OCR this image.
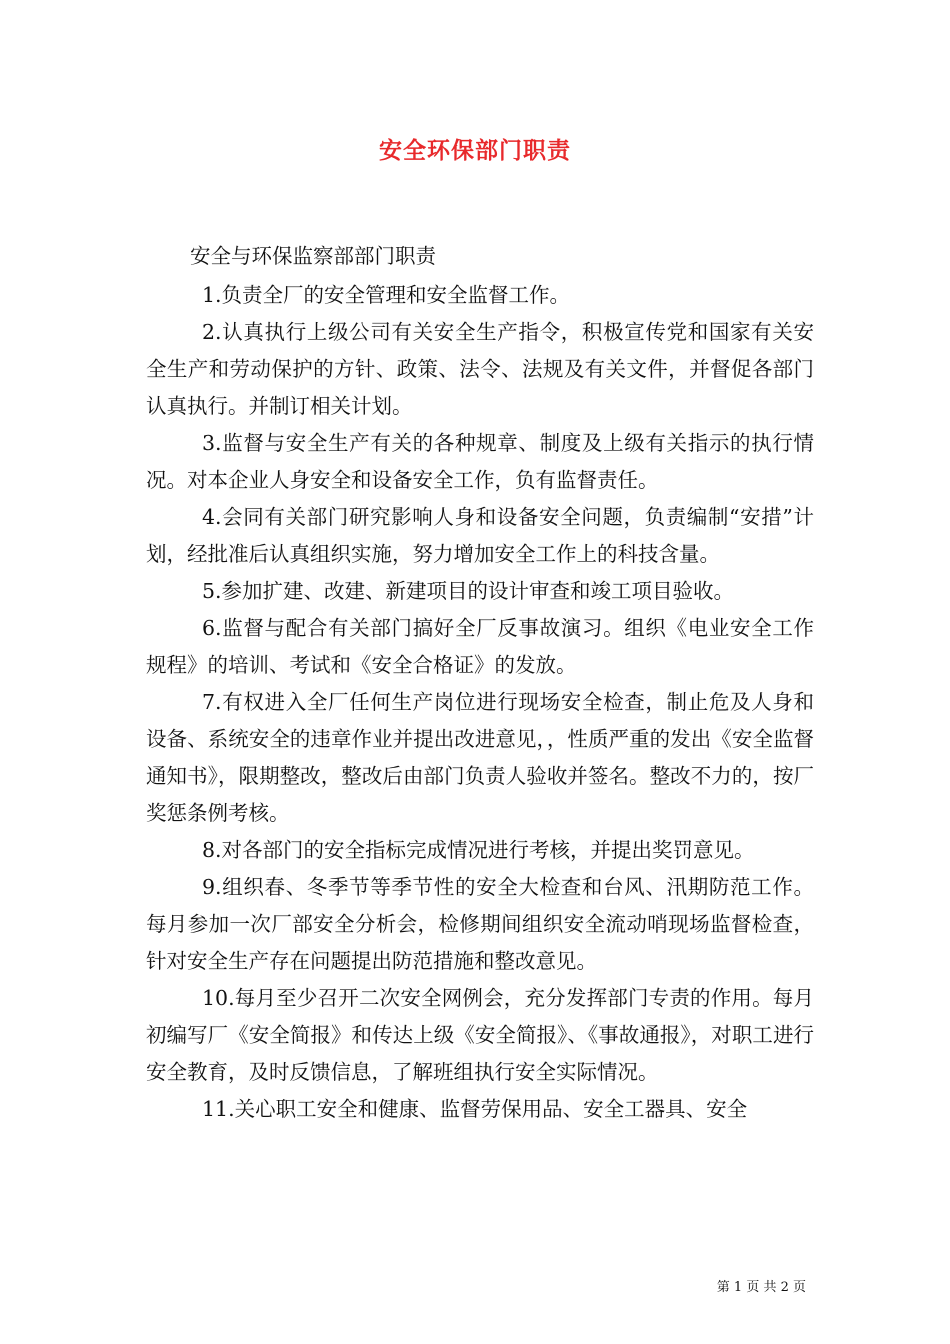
安全环保部门职责

安全与环保监察部部门职责

1.负责全厂的安全管理和安全监督工作。

2.认真执行上级公司有关安全生产指令，积极宣传党和国家有关安全生产和劳动保护的方针、政策、法令、法规及有关文件，并督促各部门认真执行。并制订相关计划。

3.监督与安全生产有关的各种规章、制度及上级有关指示的执行情况。对本企业人身安全和设备安全工作，负有监督责任。

4.会同有关部门研究影响人身和设备安全问题，负责编制“安措”计划，经批准后认真组织实施，努力增加安全工作上的科技含量。

5.参加扩建、改建、新建项目的设计审查和竣工项目验收。

6.监督与配合有关部门搞好全厂反事故演习。组织《电业安全工作规程》的培训、考试和《安全合格证》的发放。

7.有权进入全厂任何生产岗位进行现场安全检查，制止危及人身和设备、系统安全的违章作业并提出改进意见，，性质严重的发出《安全监督通知书》，限期整改，整改后由部门负责人验收并签名。整改不力的，按厂奖惩条例考核。

8.对各部门的安全指标完成情况进行考核，并提出奖罚意见。

9.组织春、冬季节等季节性的安全大检查和台风、汛期防范工作。每月参加一次厂部安全分析会，检修期间组织安全流动哨现场监督检查，针对安全生产存在问题提出防范措施和整改意见。

10.每月至少召开二次安全网例会，充分发挥部门专责的作用。每月初编写厂《安全简报》和传达上级《安全简报》、《事故通报》，对职工进行安全教育，及时反馈信息，了解班组执行安全实际情况。

11.关心职工安全和健康、监督劳保用品、安全工器具、安全

第 1 页 共 2 页
